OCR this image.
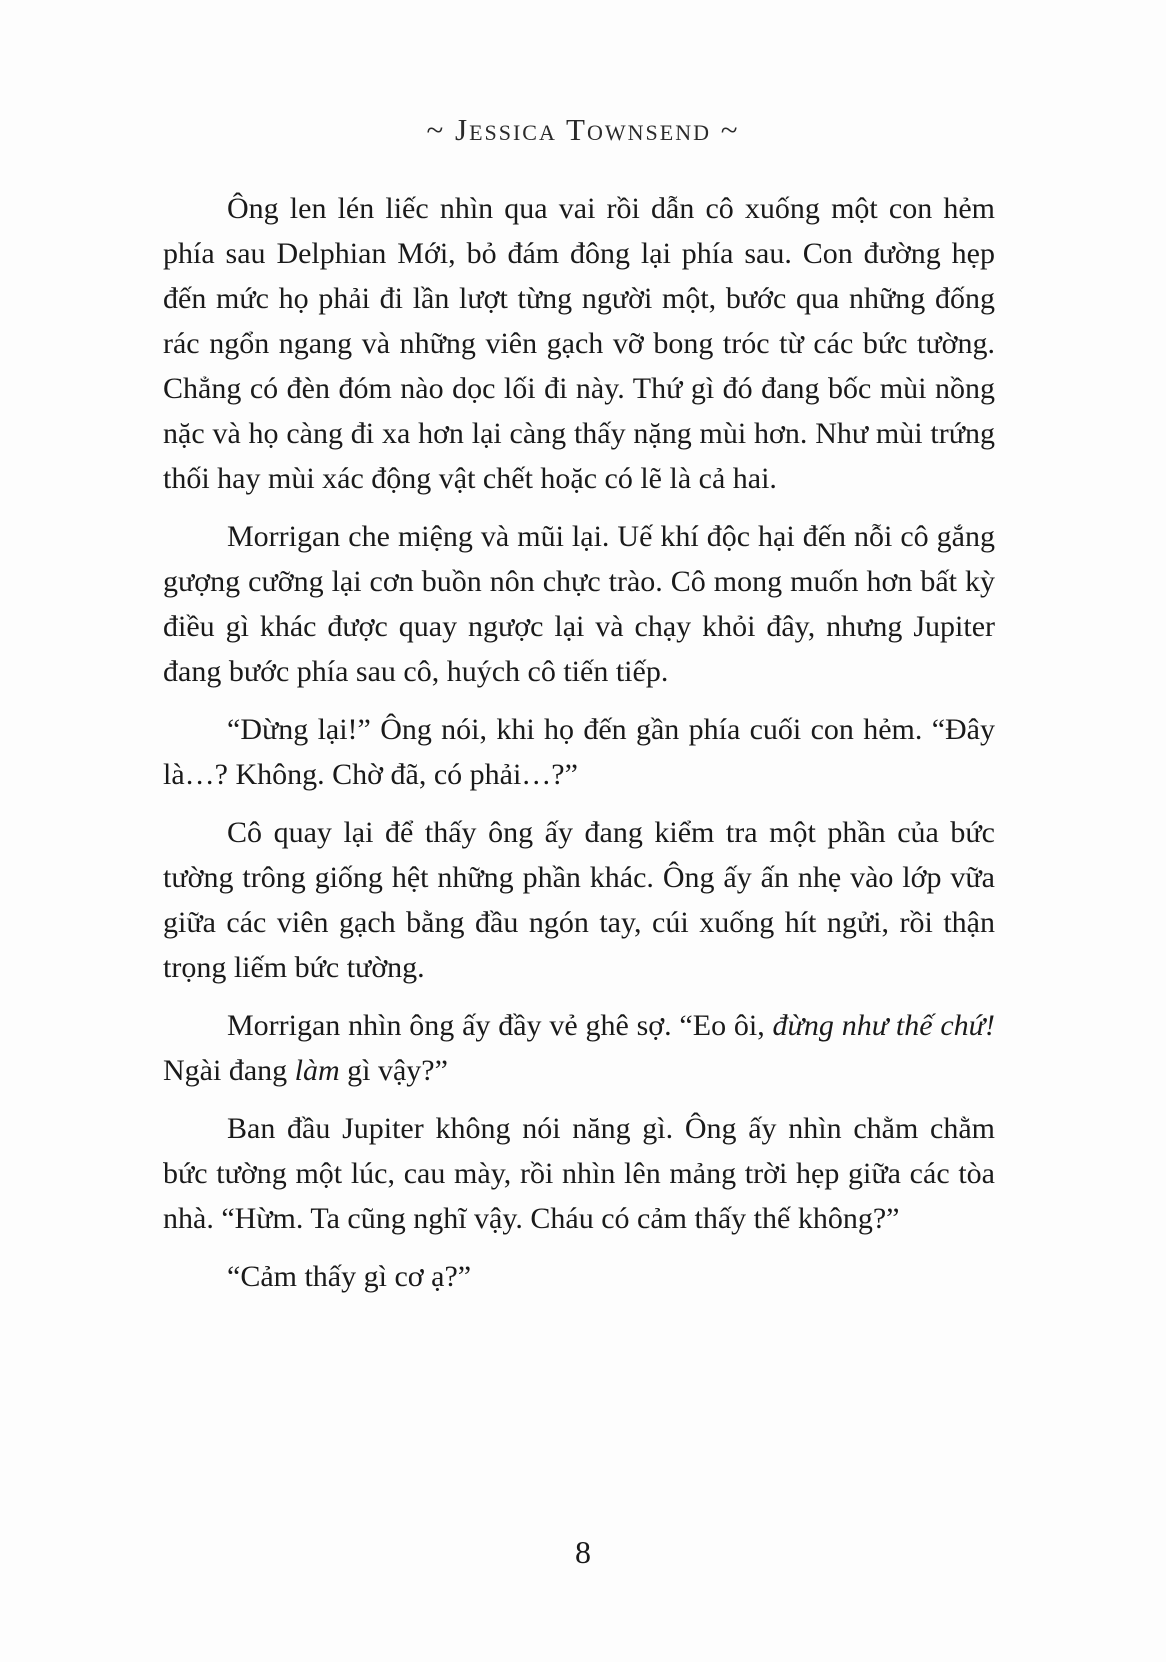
~ Jessica Townsend ~

Ông len lén liếc nhìn qua vai rồi dẫn cô xuống một con hẻm phía sau Delphian Mới, bỏ đám đông lại phía sau. Con đường hẹp đến mức họ phải đi lần lượt từng người một, bước qua những đống rác ngổn ngang và những viên gạch vỡ bong tróc từ các bức tường. Chẳng có đèn đóm nào dọc lối đi này. Thứ gì đó đang bốc mùi nồng nặc và họ càng đi xa hơn lại càng thấy nặng mùi hơn. Như mùi trứng thối hay mùi xác động vật chết hoặc có lẽ là cả hai.

Morrigan che miệng và mũi lại. Uế khí độc hại đến nỗi cô gắng gượng cưỡng lại cơn buồn nôn chực trào. Cô mong muốn hơn bất kỳ điều gì khác được quay ngược lại và chạy khỏi đây, nhưng Jupiter đang bước phía sau cô, huých cô tiến tiếp.

“Dừng lại!” Ông nói, khi họ đến gần phía cuối con hẻm. “Đây là…? Không. Chờ đã, có phải…?”

Cô quay lại để thấy ông ấy đang kiểm tra một phần của bức tường trông giống hệt những phần khác. Ông ấy ấn nhẹ vào lớp vữa giữa các viên gạch bằng đầu ngón tay, cúi xuống hít ngửi, rồi thận trọng liếm bức tường.

Morrigan nhìn ông ấy đầy vẻ ghê sợ. “Eo ôi, đừng như thế chứ! Ngài đang làm gì vậy?”

Ban đầu Jupiter không nói năng gì. Ông ấy nhìn chằm chằm bức tường một lúc, cau mày, rồi nhìn lên mảng trời hẹp giữa các tòa nhà. “Hừm. Ta cũng nghĩ vậy. Cháu có cảm thấy thế không?”

“Cảm thấy gì cơ ạ?”

8
